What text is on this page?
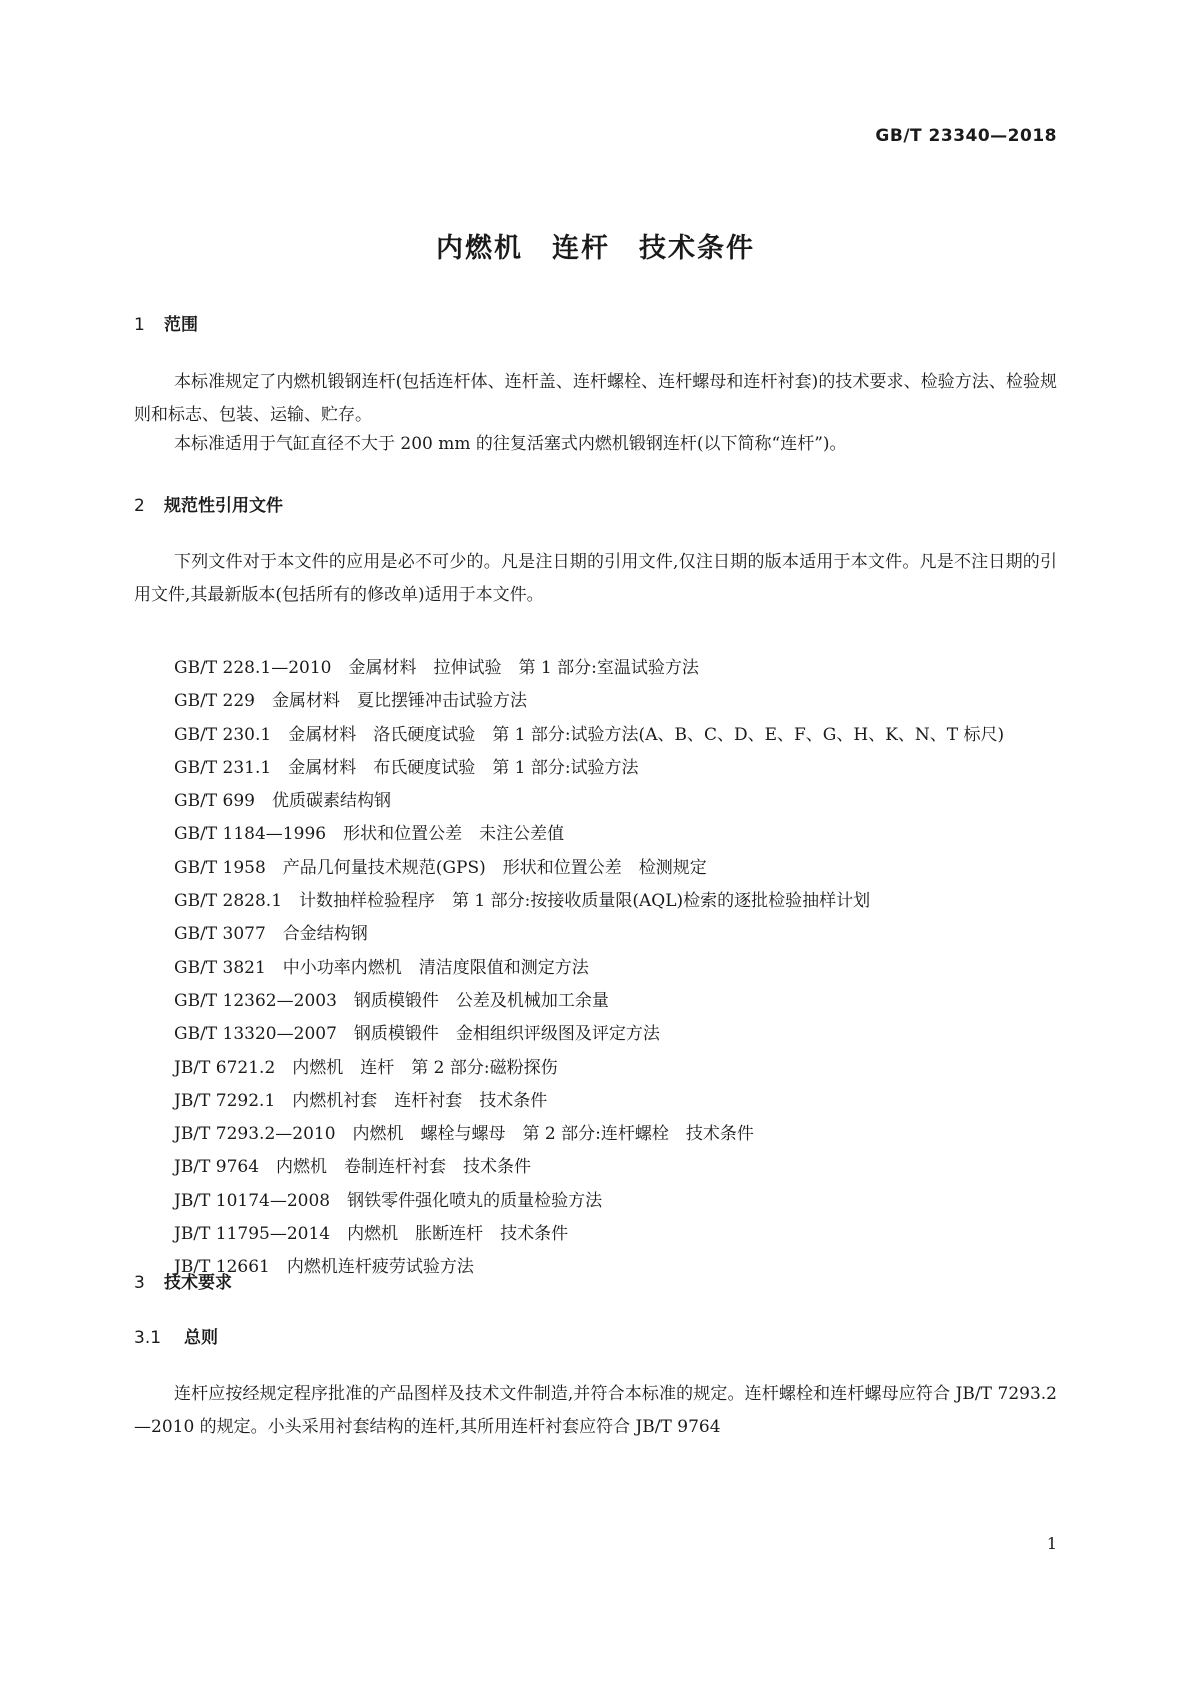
GB/T 23340—2018
内燃机　连杆　技术条件
1 范围

本标准规定了内燃机锻钢连杆(包括连杆体、连杆盖、连杆螺栓、连杆螺母和连杆衬套)的技术要求、检验方法、检验规则和标志、包装、运输、贮存。

本标准适用于气缸直径不大于 200 mm 的往复活塞式内燃机锻钢连杆(以下简称“连杆”)。

2 规范性引用文件

下列文件对于本文件的应用是必不可少的。凡是注日期的引用文件,仅注日期的版本适用于本文件。凡是不注日期的引用文件,其最新版本(包括所有的修改单)适用于本文件。

GB/T 228.1—2010　金属材料　拉伸试验　第 1 部分:室温试验方法
GB/T 229　金属材料　夏比摆锤冲击试验方法
GB/T 230.1　金属材料　洛氏硬度试验　第 1 部分:试验方法(A、B、C、D、E、F、G、H、K、N、T 标尺)
GB/T 231.1　金属材料　布氏硬度试验　第 1 部分:试验方法
GB/T 699　优质碳素结构钢
GB/T 1184—1996　形状和位置公差　未注公差值
GB/T 1958　产品几何量技术规范(GPS)　形状和位置公差　检测规定
GB/T 2828.1　计数抽样检验程序　第 1 部分:按接收质量限(AQL)检索的逐批检验抽样计划
GB/T 3077　合金结构钢
GB/T 3821　中小功率内燃机　清洁度限值和测定方法
GB/T 12362—2003　钢质模锻件　公差及机械加工余量
GB/T 13320—2007　钢质模锻件　金相组织评级图及评定方法
JB/T 6721.2　内燃机　连杆　第 2 部分:磁粉探伤
JB/T 7292.1　内燃机衬套　连杆衬套　技术条件
JB/T 7293.2—2010　内燃机　螺栓与螺母　第 2 部分:连杆螺栓　技术条件
JB/T 9764　内燃机　卷制连杆衬套　技术条件
JB/T 10174—2008　钢铁零件强化喷丸的质量检验方法
JB/T 11795—2014　内燃机　胀断连杆　技术条件
JB/T 12661　内燃机连杆疲劳试验方法
3 技术要求
3.1 总则

连杆应按经规定程序批准的产品图样及技术文件制造,并符合本标准的规定。连杆螺栓和连杆螺母应符合 JB/T 7293.2—2010 的规定。小头采用衬套结构的连杆,其所用连杆衬套应符合 JB/T 9764

1
